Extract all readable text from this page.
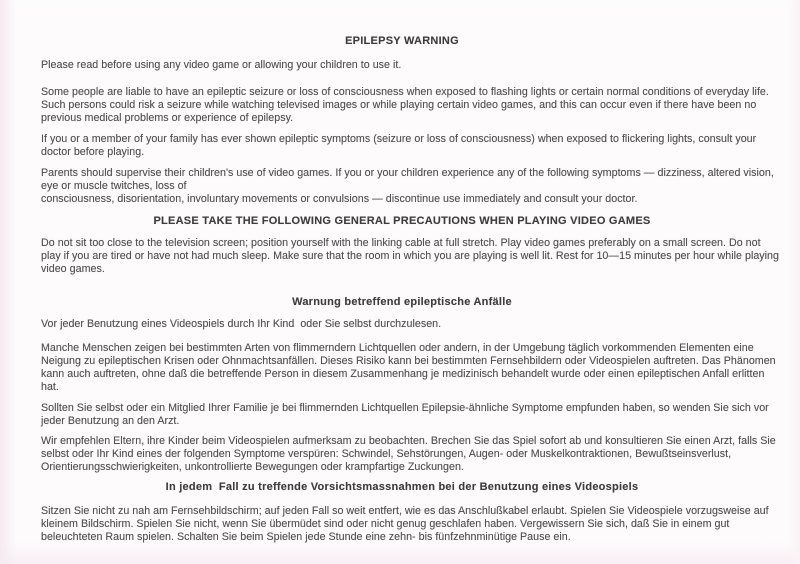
EPILEPSY WARNING

Please read before using any video game or allowing your children to use it.

Some people are liable to have an epileptic seizure or loss of consciousness when exposed to flashing lights or certain normal conditions of everyday life.
Such persons could risk a seizure while watching televised images or while playing certain video games, and this can occur even if there have been no
previous medical problems or experience of epilepsy.

If you or a member of your family has ever shown epileptic symptoms (seizure or loss of consciousness) when exposed to flickering lights, consult your
doctor before playing.

Parents should supervise their children's use of video games. If you or your children experience any of the following symptoms — dizziness, altered vision,
eye or muscle twitches, loss of
consciousness, disorientation, involuntary movements or convulsions — discontinue use immediately and consult your doctor.

PLEASE TAKE THE FOLLOWING GENERAL PRECAUTIONS WHEN PLAYING VIDEO GAMES

Do not sit too close to the television screen; position yourself with the linking cable at full stretch. Play video games preferably on a small screen. Do not
play if you are tired or have not had much sleep. Make sure that the room in which you are playing is well lit. Rest for 10—15 minutes per hour while playing
video games.

Warnung betreffend epileptische Anfälle

Vor jeder Benutzung eines Videospiels durch Ihr Kind  oder Sie selbst durchzulesen.

Manche Menschen zeigen bei bestimmten Arten von flimmerndern Lichtquellen oder andern, in der Umgebung täglich vorkommenden Elementen eine
Neigung zu epileptischen Krisen oder Ohnmachtsanfällen. Dieses Risiko kann bei bestimmten Fernsehbildern oder Videospielen auftreten. Das Phänomen
kann auch auftreten, ohne daß die betreffende Person in diesem Zusammenhang je medizinisch behandelt wurde oder einen epileptischen Anfall erlitten
hat.

Sollten Sie selbst oder ein Mitglied Ihrer Familie je bei flimmernden Lichtquellen Epilepsie-ähnliche Symptome empfunden haben, so wenden Sie sich vor
jeder Benutzung an den Arzt.

Wir empfehlen Eltern, ihre Kinder beim Videospielen aufmerksam zu beobachten. Brechen Sie das Spiel sofort ab und konsultieren Sie einen Arzt, falls Sie
selbst oder Ihr Kind eines der folgenden Symptome verspüren: Schwindel, Sehstörungen, Augen- oder Muskelkontraktionen, Bewußtseinsverlust,
Orientierungsschwierigkeiten, unkontrollierte Bewegungen oder krampfartige Zuckungen.

In jedem  Fall zu treffende Vorsichtsmassnahmen bei der Benutzung eines Videospiels

Sitzen Sie nicht zu nah am Fernsehbildschirm; auf jeden Fall so weit entfert, wie es das Anschlußkabel erlaubt. Spielen Sie Videospiele vorzugsweise auf
kleinem Bildschirm. Spielen Sie nicht, wenn Sie übermüdet sind oder nicht genug geschlafen haben. Vergewissern Sie sich, daß Sie in einem gut
beleuchteten Raum spielen. Schalten Sie beim Spielen jede Stunde eine zehn- bis fünfzehnminütige Pause ein.
